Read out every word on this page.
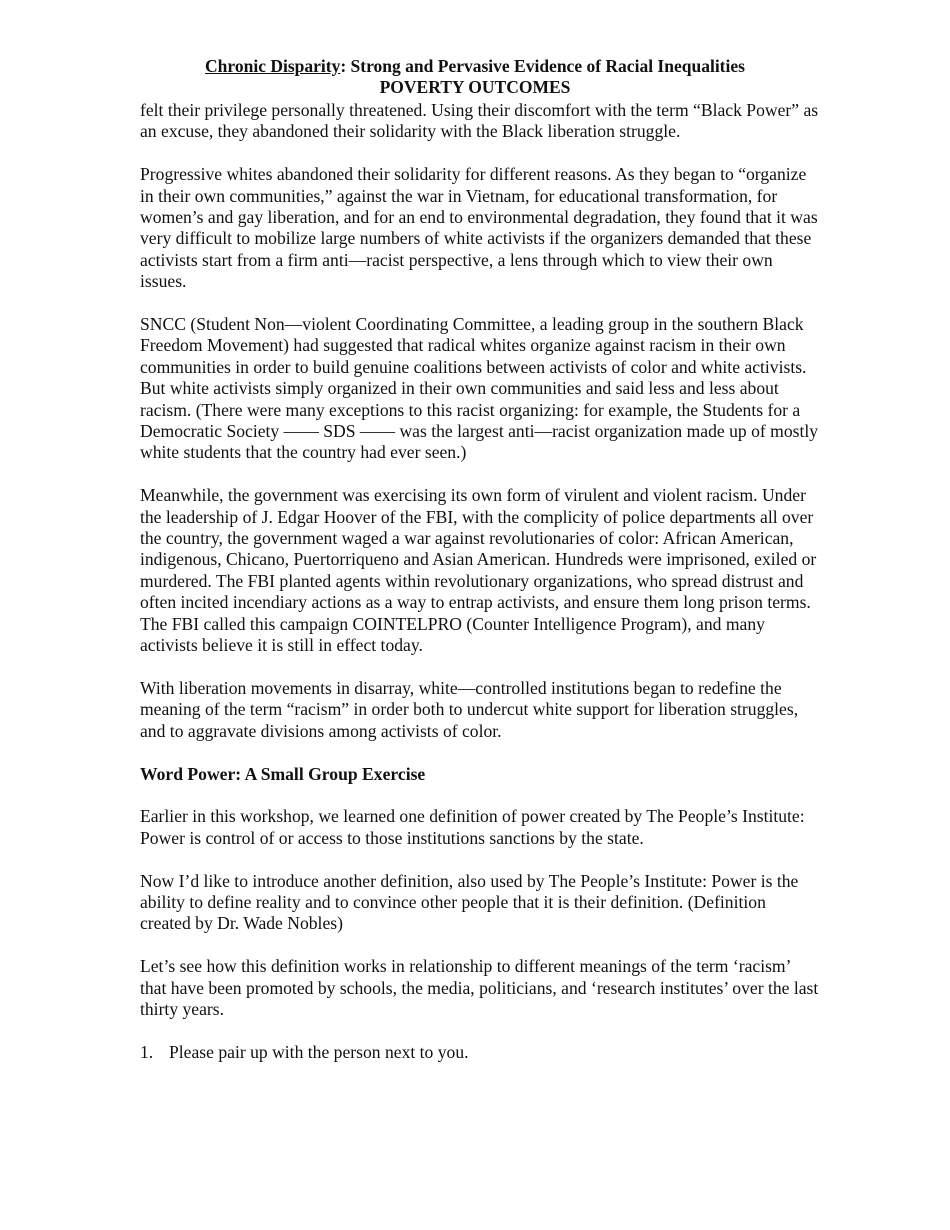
Chronic Disparity: Strong and Pervasive Evidence of Racial Inequalities
POVERTY OUTCOMES

felt their privilege personally threatened. Using their discomfort with the term “Black Power” as an excuse, they abandoned their solidarity with the Black liberation struggle.

Progressive whites abandoned their solidarity for different reasons. As they began to “organize in their own communities,” against the war in Vietnam, for educational transformation, for women’s and gay liberation, and for an end to environmental degradation, they found that it was very difficult to mobilize large numbers of white activists if the organizers demanded that these activists start from a firm anti—racist perspective, a lens through which to view their own issues.

SNCC (Student Non—violent Coordinating Committee, a leading group in the southern Black Freedom Movement) had suggested that radical whites organize against racism in their own communities in order to build genuine coalitions between activists of color and white activists. But white activists simply organized in their own communities and said less and less about racism. (There were many exceptions to this racist organizing: for example, the Students for a Democratic Society —— SDS —— was the largest anti—racist organization made up of mostly white students that the country had ever seen.)

Meanwhile, the government was exercising its own form of virulent and violent racism. Under the leadership of J. Edgar Hoover of the FBI, with the complicity of police departments all over the country, the government waged a war against revolutionaries of color: African American, indigenous, Chicano, Puertorriqueno and Asian American. Hundreds were imprisoned, exiled or murdered. The FBI planted agents within revolutionary organizations, who spread distrust and often incited incendiary actions as a way to entrap activists, and ensure them long prison terms. The FBI called this campaign COINTELPRO (Counter Intelligence Program), and many activists believe it is still in effect today.

With liberation movements in disarray, white—controlled institutions began to redefine the meaning of the term “racism” in order both to undercut white support for liberation struggles, and to aggravate divisions among activists of color.

Word Power: A Small Group Exercise

Earlier in this workshop, we learned one definition of power created by The People’s Institute: Power is control of or access to those institutions sanctions by the state.

Now I’d like to introduce another definition, also used by The People’s Institute: Power is the ability to define reality and to convince other people that it is their definition. (Definition created by Dr. Wade Nobles)

Let’s see how this definition works in relationship to different meanings of the term ‘racism’ that have been promoted by schools, the media, politicians, and ‘research institutes’ over the last thirty years.

1. Please pair up with the person next to you.
